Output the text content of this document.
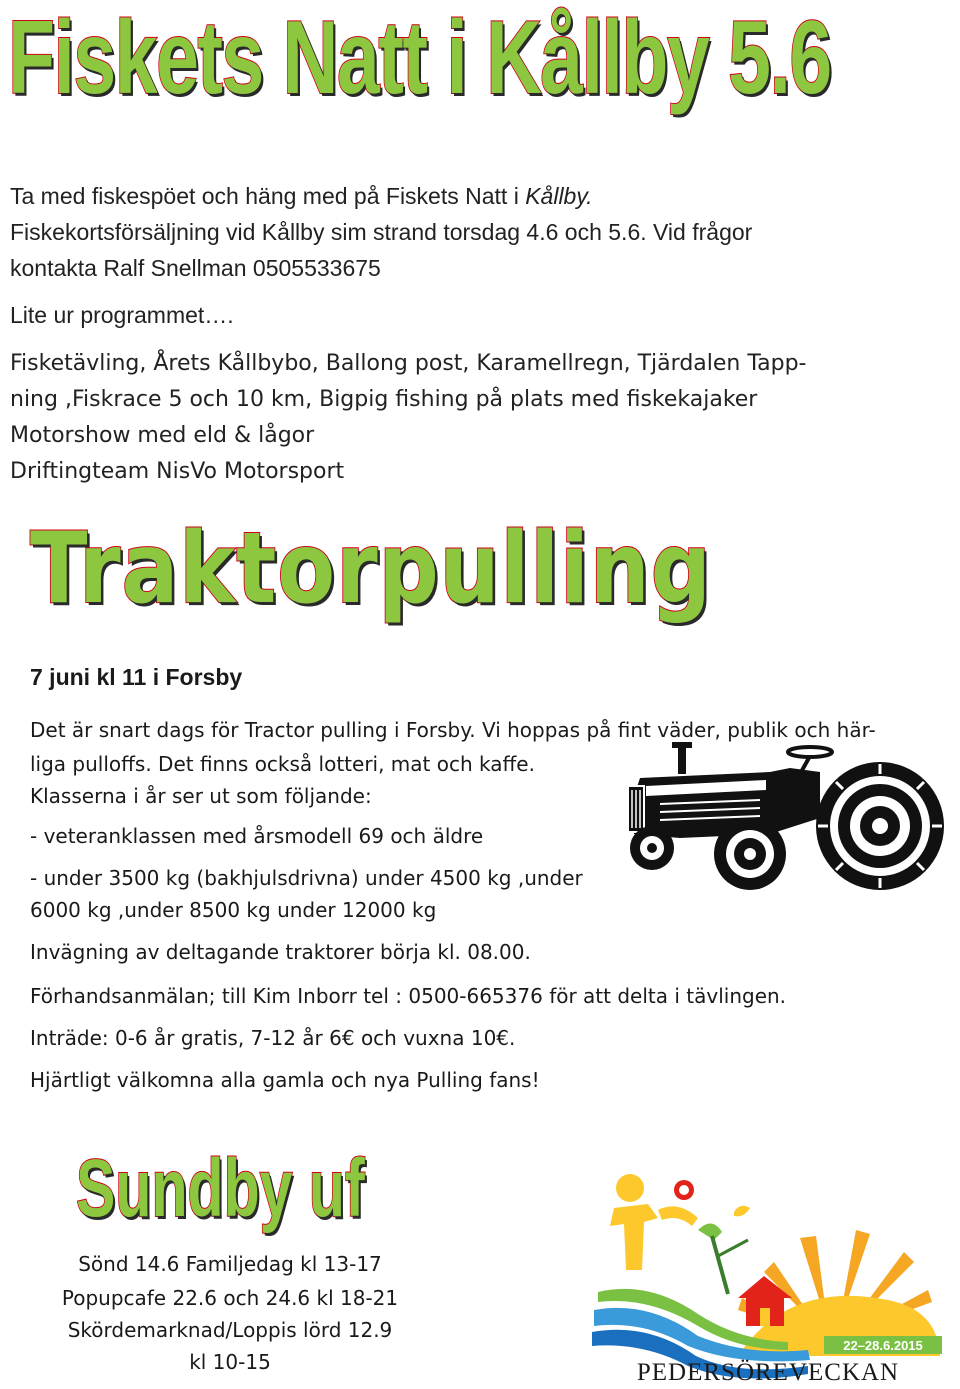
Fiskets Natt i Kållby 5.6
Ta med fiskespöet och häng med på Fiskets Natt i Kållby.
Fiskekortsförsäljning vid Kållby sim strand torsdag 4.6 och 5.6. Vid frågor
kontakta Ralf Snellman 0505533675
Lite ur programmet….
Fisketävling, Årets Kållbybo, Ballong post, Karamellregn, Tjärdalen Tapp-
ning ,Fiskrace 5 och 10 km, Bigpig fishing på plats med fiskekajaker
Motorshow med eld & lågor
Driftingteam NisVo Motorsport
Traktorpulling
7 juni kl 11 i Forsby
Det är snart dags för Tractor pulling i Forsby. Vi hoppas på fint väder, publik och här-
liga pulloffs. Det finns också lotteri, mat och kaffe.
Klasserna i år ser ut som följande:
- veteranklassen med årsmodell 69 och äldre
- under 3500 kg (bakhjulsdrivna) under 4500 kg ,under
6000 kg ,under 8500 kg under 12000 kg
Invägning av deltagande traktorer börja kl. 08.00.
Förhandsanmälan; till Kim Inborr tel : 0500-665376 för att delta i tävlingen.
Inträde: 0-6 år gratis, 7-12 år 6€ och vuxna 10€.
Hjärtligt välkomna alla gamla och nya Pulling fans!
Sundby uf
Sönd 14.6 Familjedag kl 13-17
Popupcafe 22.6 och 24.6 kl 18-21
Skördemarknad/Loppis lörd 12.9
kl 10-15
22–28.6.2015
PEDERSÖREVECKAN
